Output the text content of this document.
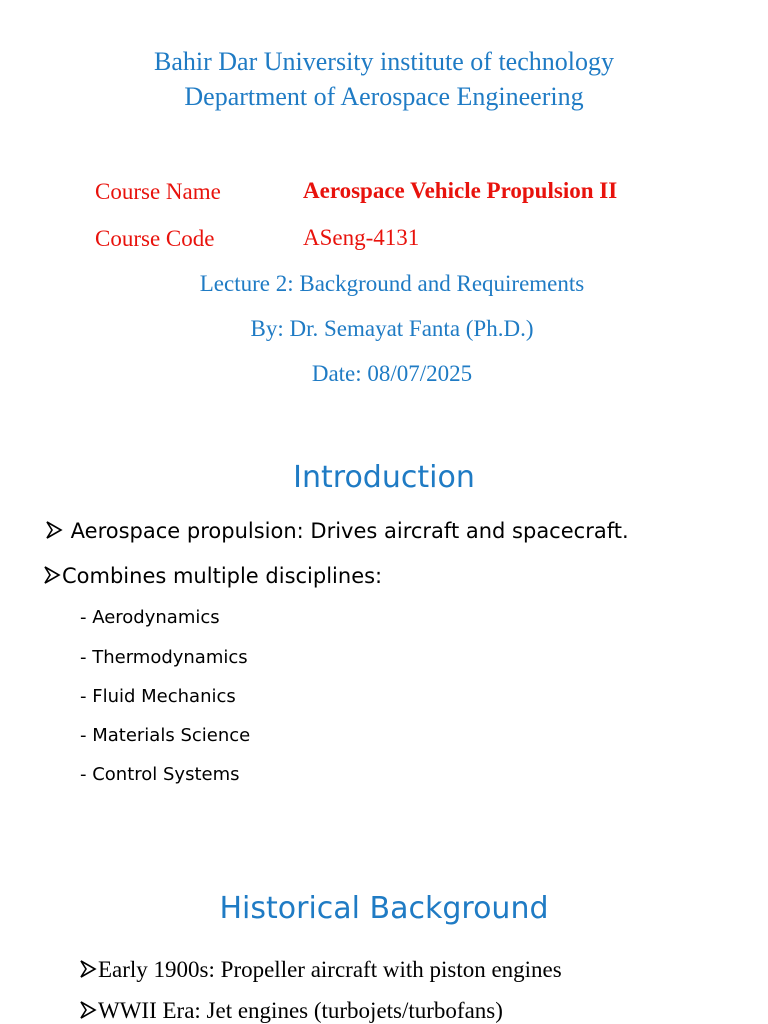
Bahir Dar University institute of technology
Department of Aerospace Engineering
Course Name	Aerospace Vehicle Propulsion II
Course Code	ASeng-4131
Lecture 2: Background and Requirements
By: Dr. Semayat Fanta (Ph.D.)
Date: 08/07/2025
Introduction
Aerospace propulsion: Drives aircraft and spacecraft.
Combines multiple disciplines:
- Aerodynamics
- Thermodynamics
- Fluid Mechanics
- Materials Science
- Control Systems
Historical Background
Early 1900s: Propeller aircraft with piston engines
WWII Era: Jet engines (turbojets/turbofans)
